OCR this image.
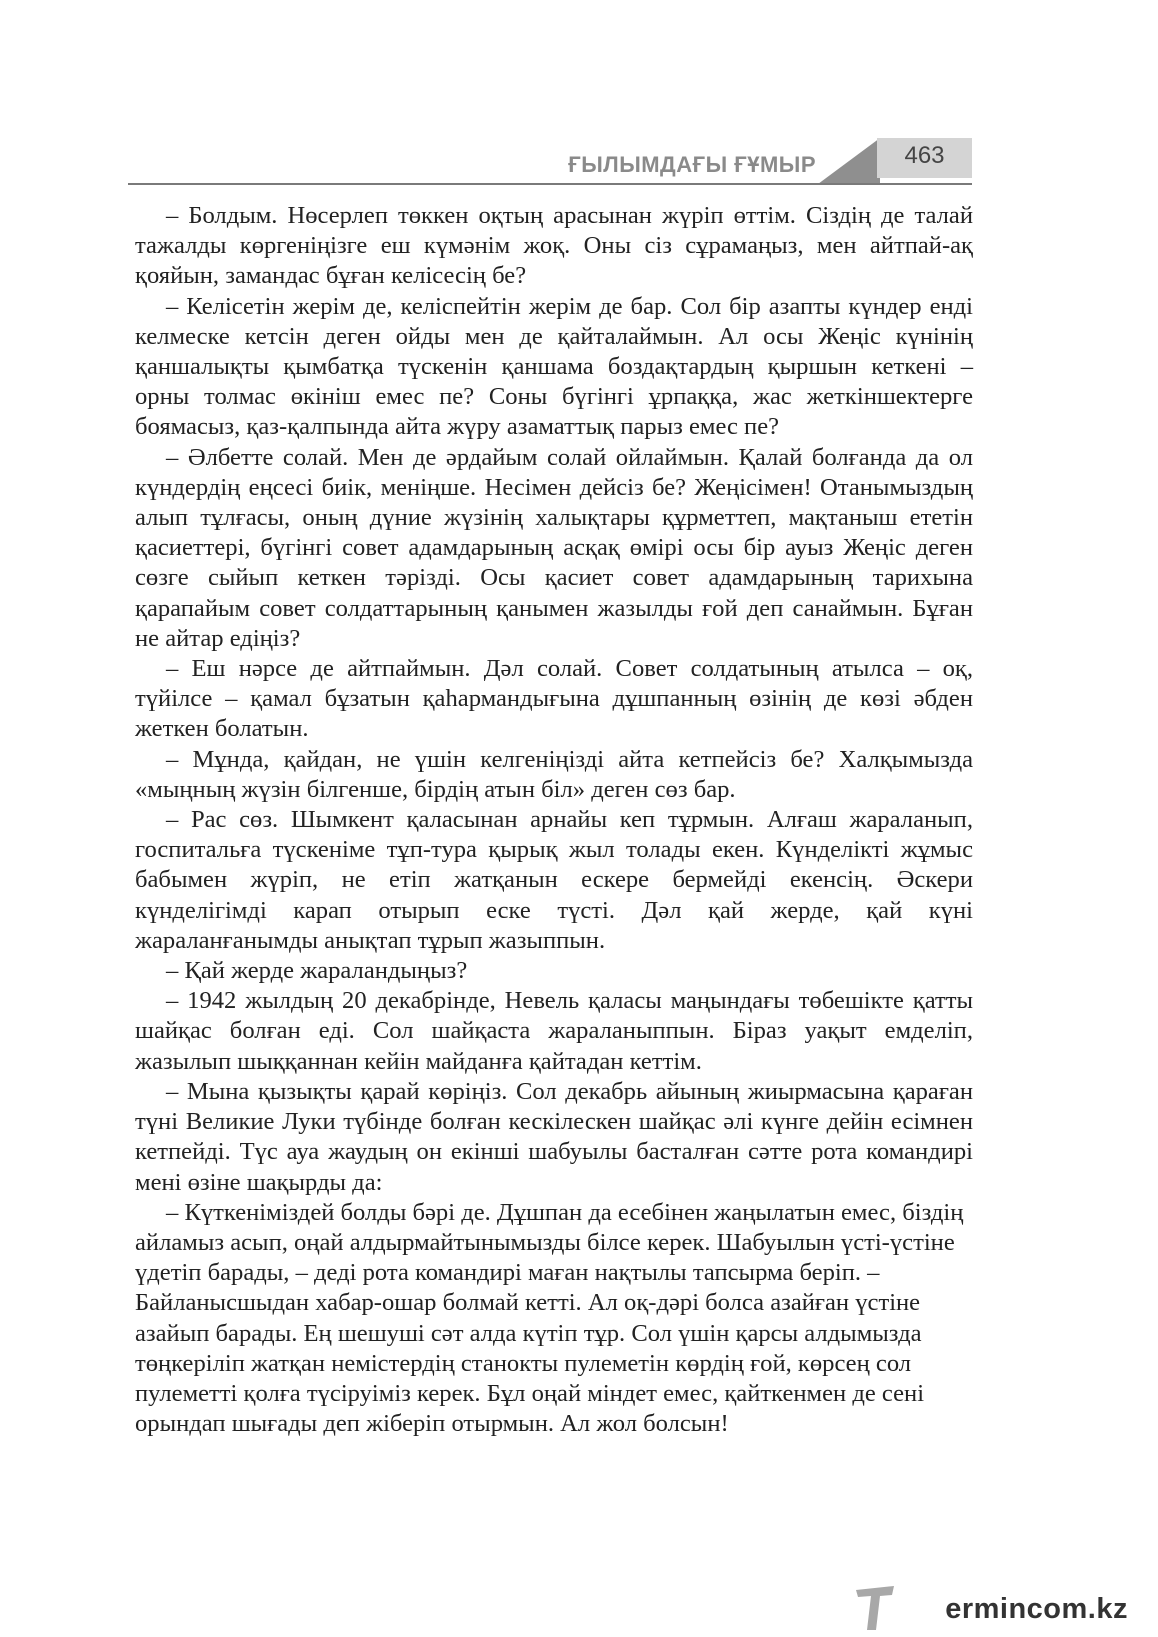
ҒЫЛЫМДАҒЫ ҒҰМЫР	463

– Болдым. Нөсерлеп төккен оқтың арасынан жүріп өттім. Сіздің де талай тажалды көргеніңізге еш күмәнім жоқ. Оны сіз сұрамаңыз, мен айтпай-ақ қояйын, замандас бұған келісесің бе?

– Келісетін жерім де, келіспейтін жерім де бар. Сол бір азапты күндер енді келмеске кетсін деген ойды мен де қайталаймын. Ал осы Жеңіс күнінің қаншалықты қымбатқа түскенін қаншама боздақтардың қыршын кеткені – орны толмас өкініш емес пе? Соны бүгінгі ұрпаққа, жас жеткіншектерге боямасыз, қаз-қалпында айта жүру азаматтық парыз емес пе?

– Әлбетте солай. Мен де әрдайым солай ойлаймын. Қалай болғанда да ол күндердің еңсесі биік, меніңше. Несімен дейсіз бе? Жеңісімен! Отанымыздың алып тұлғасы, оның дүние жүзінің халықтары құрметтеп, мақтаныш ететін қасиеттері, бүгінгі совет адамдарының асқақ өмірі осы бір ауыз Жеңіс деген сөзге сыйып кеткен тәрізді. Осы қасиет совет адамдарының тарихына қарапайым совет солдаттарының қанымен жазылды ғой деп санаймын. Бұған не айтар едіңіз?

– Еш нәрсе де айтпаймын. Дәл солай. Совет солдатының атылса – оқ, түйілсе – қамал бұзатын қаһармандығына дұшпанның өзінің де көзі әбден жеткен болатын.

– Мұнда, қайдан, не үшін келгеніңізді айта кетпейсіз бе? Халқымызда «мыңның жүзін білгенше, бірдің атын біл» деген сөз бар.

– Рас сөз. Шымкент қаласынан арнайы кеп тұрмын. Алғаш жараланып, госпитальға түскеніме тұп-тура қырық жыл толады екен. Күнделікті жұмыс бабымен жүріп, не етіп жатқанын ескере бермейді екенсің. Әскери күнделігімді карап отырып еске түсті. Дәл қай жерде, қай күні жараланғанымды анықтап тұрып жазыппын.

– Қай жерде жараландыңыз?

– 1942 жылдың 20 декабрінде, Невель қаласы маңындағы төбешікте қатты шайқас болған еді. Сол шайқаста жараланыппын. Біраз уақыт емделіп, жазылып шыққаннан кейін майданға қайтадан кеттім.

– Мына қызықты қарай көріңіз. Сол декабрь айының жиырмасына қараған түні Великие Луки түбінде болған кескілескен шайқас әлі күнге дейін есімнен кетпейді. Түс ауа жаудың он екінші шабуылы басталған сәтте рота командирі мені өзіне шақырды да:

– Күткеніміздей болды бәрі де. Дұшпан да есебінен жаңылатын емес, біздің айламыз асып, оңай алдырмайтынымызды білсе керек. Шабуылын үсті-үстіне үдетіп барады, – деді рота командирі маған нақтылы тапсырма беріп. – Байланысшыдан хабар-ошар болмай кетті. Ал оқ-дәрі болса азайған үстіне азайып барады. Ең шешуші сәт алда күтіп тұр. Сол үшін қарсы алдымызда төңкеріліп жатқан немістердің станокты пулеметін көрдің ғой, көрсең сол пулеметті қолға түсіруіміз керек. Бұл оңай міндет емес, қайткенмен де сені орындап шығады деп жіберіп отырмын. Ал жол болсын!

ermincom.kz
